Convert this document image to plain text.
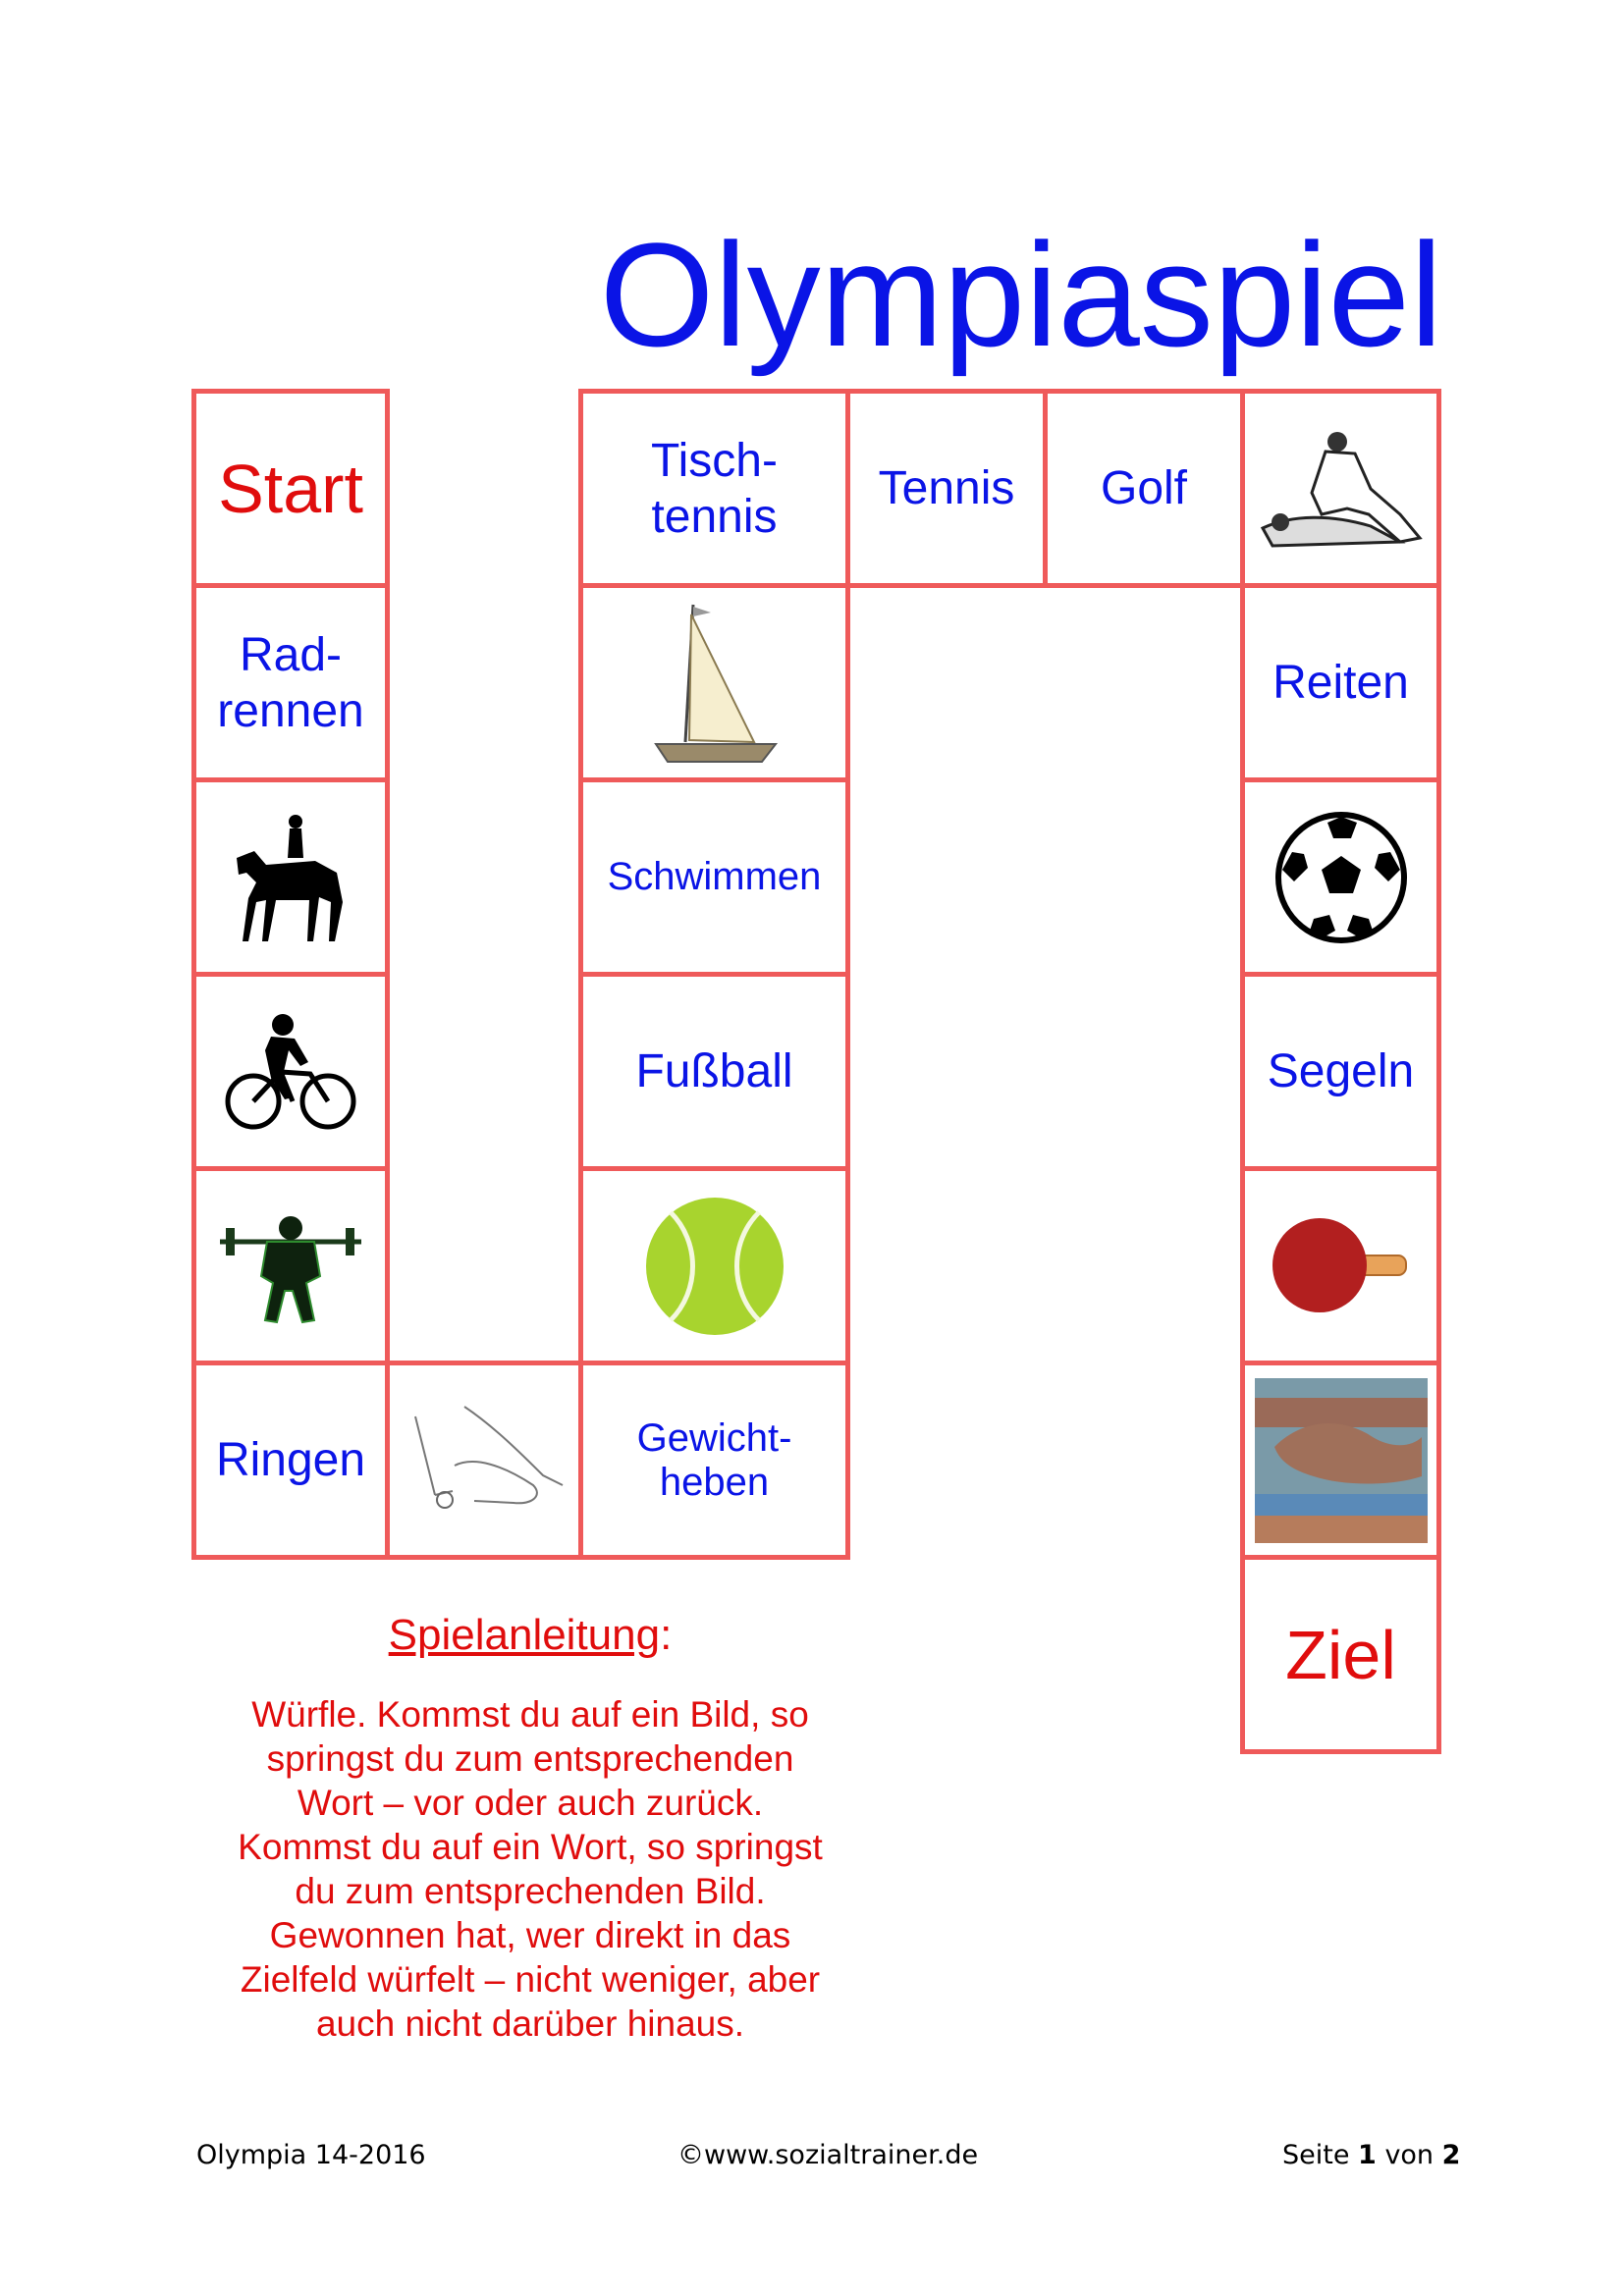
Olympiaspiel
Start
Rad-
rennen
Ringen
Tisch-
tennis
Schwimmen
Fußball
Gewicht-
heben
Tennis Golf
Reiten
Segeln
Ziel
Spielanleitung:
Würfle. Kommst du auf ein Bild, so
springst du zum entsprechenden
Wort – vor oder auch zurück.
Kommst du auf ein Wort, so springst
du zum entsprechenden Bild.
Gewonnen hat, wer direkt in das
Zielfeld würfelt – nicht weniger, aber
auch nicht darüber hinaus.
Olympia 14-2016	©www.sozialtrainer.de	Seite 1 von 2
